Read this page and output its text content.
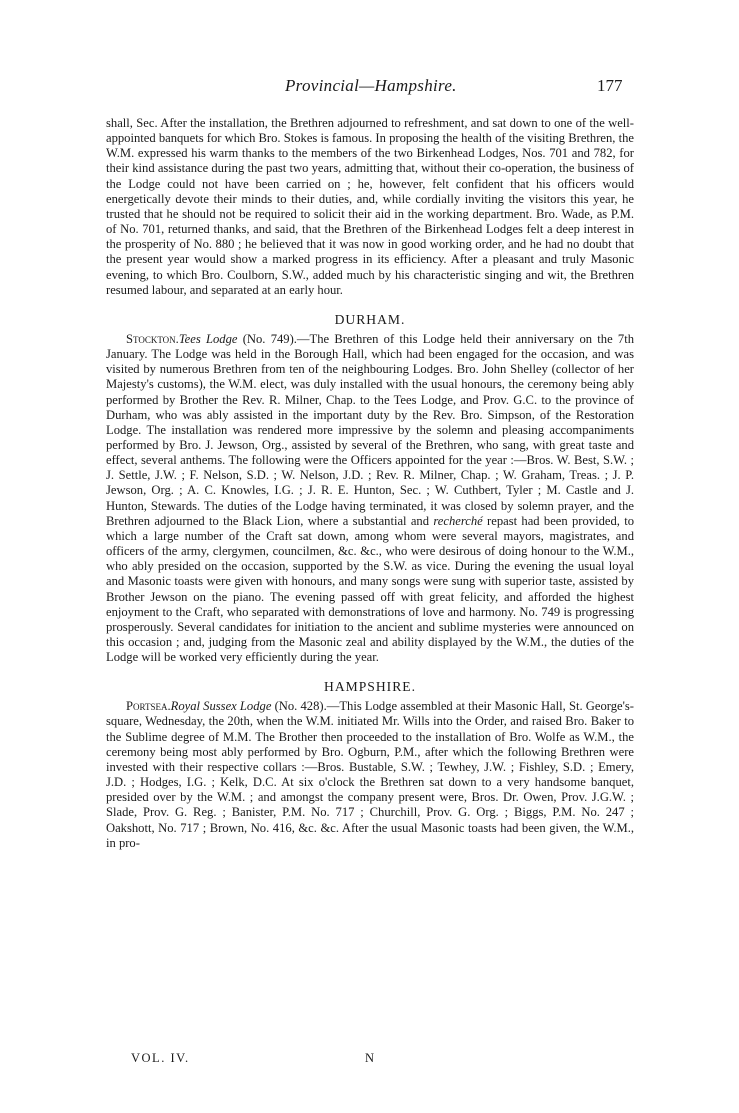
Provincial—Hampshire.	177

shall, Sec. After the installation, the Brethren adjourned to refreshment, and sat down to one of the well-appointed banquets for which Bro. Stokes is famous. In proposing the health of the visiting Brethren, the W.M. expressed his warm thanks to the members of the two Birkenhead Lodges, Nos. 701 and 782, for their kind assistance during the past two years, admitting that, without their co-operation, the business of the Lodge could not have been carried on ; he, however, felt confident that his officers would energetically devote their minds to their duties, and, while cordially inviting the visitors this year, he trusted that he should not be required to solicit their aid in the working department. Bro. Wade, as P.M. of No. 701, returned thanks, and said, that the Brethren of the Birkenhead Lodges felt a deep interest in the prosperity of No. 880 ; he believed that it was now in good working order, and he had no doubt that the present year would show a marked progress in its efficiency. After a pleasant and truly Masonic evening, to which Bro. Coulborn, S.W., added much by his characteristic singing and wit, the Brethren resumed labour, and separated at an early hour.

DURHAM.

Stockton.Tees Lodge (No. 749).—The Brethren of this Lodge held their anniversary on the 7th January. The Lodge was held in the Borough Hall, which had been engaged for the occasion, and was visited by numerous Brethren from ten of the neighbouring Lodges. Bro. John Shelley (collector of her Majesty's customs), the W.M. elect, was duly installed with the usual honours, the ceremony being ably performed by Brother the Rev. R. Milner, Chap. to the Tees Lodge, and Prov. G.C. to the province of Durham, who was ably assisted in the important duty by the Rev. Bro. Simpson, of the Restoration Lodge. The installation was rendered more impressive by the solemn and pleasing accompaniments performed by Bro. J. Jewson, Org., assisted by several of the Brethren, who sang, with great taste and effect, several anthems. The following were the Officers appointed for the year :—Bros. W. Best, S.W. ; J. Settle, J.W. ; F. Nelson, S.D. ; W. Nelson, J.D. ; Rev. R. Milner, Chap. ; W. Graham, Treas. ; J. P. Jewson, Org. ; A. C. Knowles, I.G. ; J. R. E. Hunton, Sec. ; W. Cuthbert, Tyler ; M. Castle and J. Hunton, Stewards. The duties of the Lodge having terminated, it was closed by solemn prayer, and the Brethren adjourned to the Black Lion, where a substantial and recherché repast had been provided, to which a large number of the Craft sat down, among whom were several mayors, magistrates, and officers of the army, clergymen, councilmen, &c. &c., who were desirous of doing honour to the W.M., who ably presided on the occasion, supported by the S.W. as vice. During the evening the usual loyal and Masonic toasts were given with honours, and many songs were sung with superior taste, assisted by Brother Jewson on the piano. The evening passed off with great felicity, and afforded the highest enjoyment to the Craft, who separated with demonstrations of love and harmony. No. 749 is progressing prosperously. Several candidates for initiation to the ancient and sublime mysteries were announced on this occasion ; and, judging from the Masonic zeal and ability displayed by the W.M., the duties of the Lodge will be worked very efficiently during the year.

HAMPSHIRE.

Portsea.Royal Sussex Lodge (No. 428).—This Lodge assembled at their Masonic Hall, St. George's-square, Wednesday, the 20th, when the W.M. initiated Mr. Wills into the Order, and raised Bro. Baker to the Sublime degree of M.M. The Brother then proceeded to the installation of Bro. Wolfe as W.M., the ceremony being most ably performed by Bro. Ogburn, P.M., after which the following Brethren were invested with their respective collars :—Bros. Bustable, S.W. ; Tewhey, J.W. ; Fishley, S.D. ; Emery, J.D. ; Hodges, I.G. ; Kelk, D.C. At six o'clock the Brethren sat down to a very handsome banquet, presided over by the W.M. ; and amongst the company present were, Bros. Dr. Owen, Prov. J.G.W. ; Slade, Prov. G. Reg. ; Banister, P.M. No. 717 ; Churchill, Prov. G. Org. ; Biggs, P.M. No. 247 ; Oakshott, No. 717 ; Brown, No. 416, &c. &c. After the usual Masonic toasts had been given, the W.M., in pro-

VOL. IV.	N
